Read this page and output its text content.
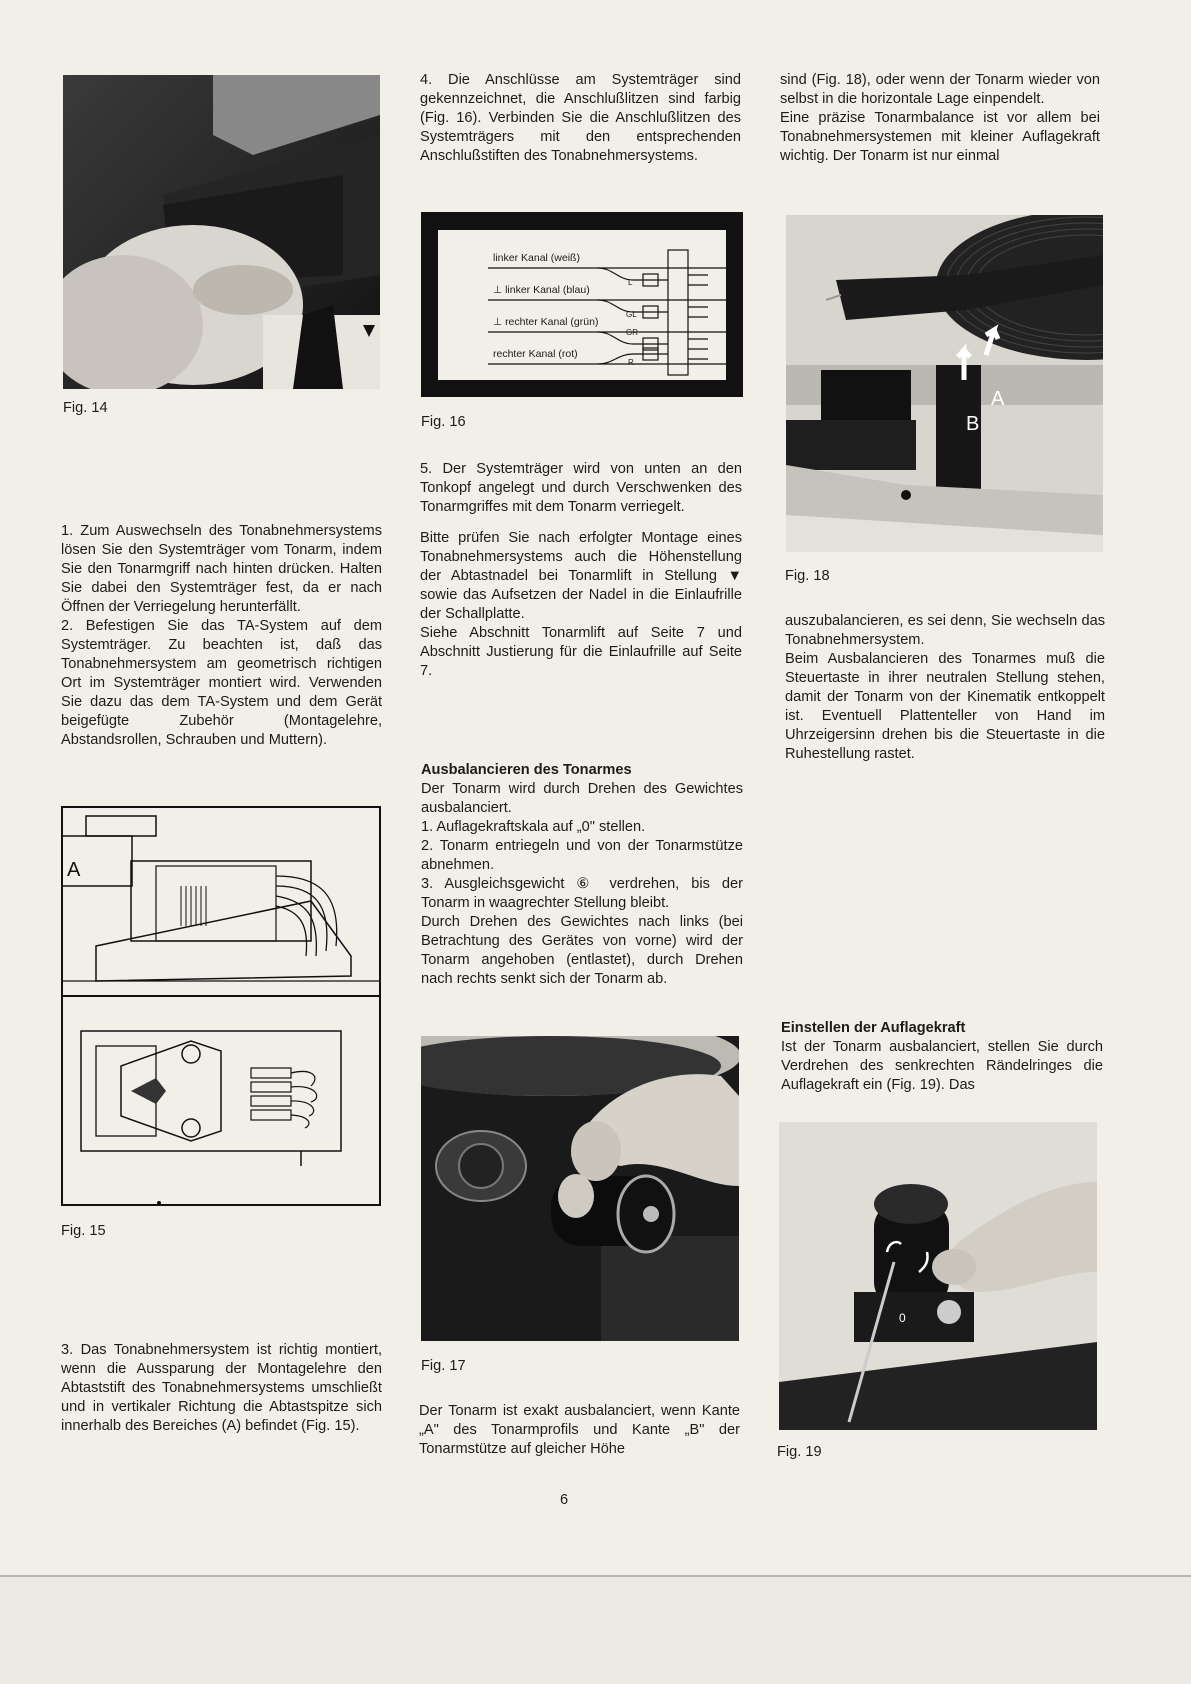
Fig. 14

1. Zum Auswechseln des Tonabnehmersystems lösen Sie den Systemträger vom Tonarm, indem Sie den Tonarmgriff nach hinten drücken. Halten Sie dabei den Systemträger fest, da er nach Öffnen der Verriegelung herunterfällt.

2. Befestigen Sie das TA-System auf dem Systemträger. Zu beachten ist, daß das Tonabnehmersystem am geometrisch richtigen Ort im Systemträger montiert wird. Verwenden Sie dazu das dem TA-System und dem Gerät beigefügte Zubehör (Montagelehre, Abstandsrollen, Schrauben und Muttern).

A
Fig. 15
3. Das Tonabnehmersystem ist richtig montiert, wenn die Aussparung der Montagelehre den Abtaststift des Tonabnehmersystems umschließt und in vertikaler Richtung die Abtastspitze sich innerhalb des Bereiches (A) befindet (Fig. 15).
4. Die Anschlüsse am Systemträger sind gekennzeichnet, die Anschlußlitzen sind farbig (Fig. 16). Verbinden Sie die Anschlußlitzen des Systemträgers mit den entsprechenden Anschlußstiften des Tonabnehmersystems.
linker Kanal (weiß)
⊥ linker Kanal (blau)
⊥ rechter Kanal (grün)
rechter Kanal (rot)
L
GL
GR
R
Fig. 16

5. Der Systemträger wird von unten an den Tonkopf angelegt und durch Verschwenken des Tonarmgriffes mit dem Tonarm verriegelt.

Bitte prüfen Sie nach erfolgter Montage eines Tonabnehmersystems auch die Höhenstellung der Abtastnadel bei Tonarmlift in Stellung ▼ sowie das Aufsetzen der Nadel in die Einlaufrille der Schallplatte.

Siehe Abschnitt Tonarmlift auf Seite 7 und Abschnitt Justierung für die Einlaufrille auf Seite 7.

Ausbalancieren des Tonarmes

Der Tonarm wird durch Drehen des Gewichtes ausbalanciert.

1. Auflagekraftskala auf „0" stellen.

2. Tonarm entriegeln und von der Tonarmstütze abnehmen.

3. Ausgleichsgewicht ⑥ verdrehen, bis der Tonarm in waagrechter Stellung bleibt.

Durch Drehen des Gewichtes nach links (bei Betrachtung des Gerätes von vorne) wird der Tonarm angehoben (entlastet), durch Drehen nach rechts senkt sich der Tonarm ab.

Fig. 17
Der Tonarm ist exakt ausbalanciert, wenn Kante „A" des Tonarmprofils und Kante „B" der Tonarmstütze auf gleicher Höhe

sind (Fig. 18), oder wenn der Tonarm wieder von selbst in die horizontale Lage einpendelt.

Eine präzise Tonarmbalance ist vor allem bei Tonabnehmersystemen mit kleiner Auflagekraft wichtig. Der Tonarm ist nur einmal

A
B
Fig. 18

auszubalancieren, es sei denn, Sie wechseln das Tonabnehmersystem.

Beim Ausbalancieren des Tonarmes muß die Steuertaste in ihrer neutralen Stellung stehen, damit der Tonarm von der Kinematik entkoppelt ist. Eventuell Plattenteller von Hand im Uhrzeigersinn drehen bis die Steuertaste in die Ruhestellung rastet.

Einstellen der Auflagekraft

Ist der Tonarm ausbalanciert, stellen Sie durch Verdrehen des senkrechten Rändelringes die Auflagekraft ein (Fig. 19). Das

0
Fig. 19
6
